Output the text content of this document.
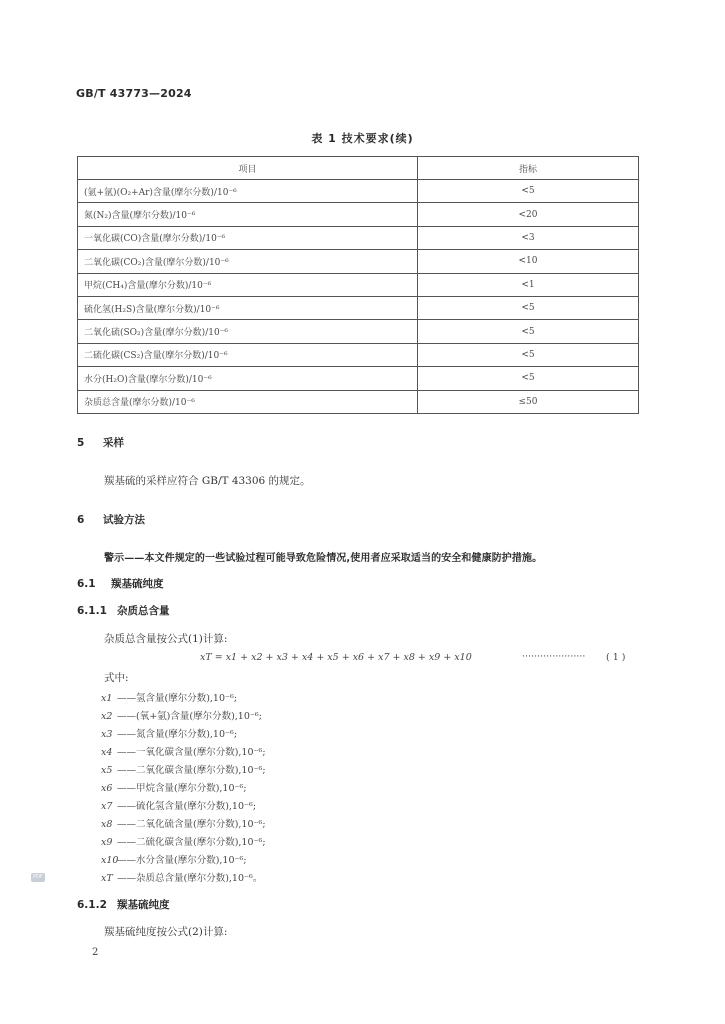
GB/T 43773—2024
表 1 技术要求(续)
项目	指标
(氩+氩)(O₂+Ar)含量(摩尔分数)/10⁻⁶	<5
氮(N₂)含量(摩尔分数)/10⁻⁶	<20
一氧化碳(CO)含量(摩尔分数)/10⁻⁶	<3
二氧化碳(CO₂)含量(摩尔分数)/10⁻⁶	<10
甲烷(CH₄)含量(摩尔分数)/10⁻⁶	<1
硫化氢(H₂S)含量(摩尔分数)/10⁻⁶	<5
二氧化硫(SO₂)含量(摩尔分数)/10⁻⁶	<5
二硫化碳(CS₂)含量(摩尔分数)/10⁻⁶	<5
水分(H₂O)含量(摩尔分数)/10⁻⁶	<5
杂质总含量(摩尔分数)/10⁻⁶	≤50
5 采样
羰基硫的采样应符合 GB/T 43306 的规定。
6 试验方法
警示——本文件规定的一些试验过程可能导致危险情况,使用者应采取适当的安全和健康防护措施。
6.1 羰基硫纯度
6.1.1 杂质总含量
杂质总含量按公式(1)计算:
xT = x1 + x2 + x3 + x4 + x5 + x6 + x7 + x8 + x9 + x10	····················· ( 1 )
式中:
x1 ——氢含量(摩尔分数),10⁻⁶;
x2 ——(氧+氩)含量(摩尔分数),10⁻⁶;
x3 ——氮含量(摩尔分数),10⁻⁶;
x4 ——一氧化碳含量(摩尔分数),10⁻⁶;
x5 ——二氧化碳含量(摩尔分数),10⁻⁶;
x6 ——甲烷含量(摩尔分数),10⁻⁶;
x7 ——硫化氢含量(摩尔分数),10⁻⁶;
x8 ——二氧化硫含量(摩尔分数),10⁻⁶;
x9 ——二硫化碳含量(摩尔分数),10⁻⁶;
x10——水分含量(摩尔分数),10⁻⁶;
xT ——杂质总含量(摩尔分数),10⁻⁶。
6.1.2 羰基硫纯度
羰基硫纯度按公式(2)计算:
2
PDF
